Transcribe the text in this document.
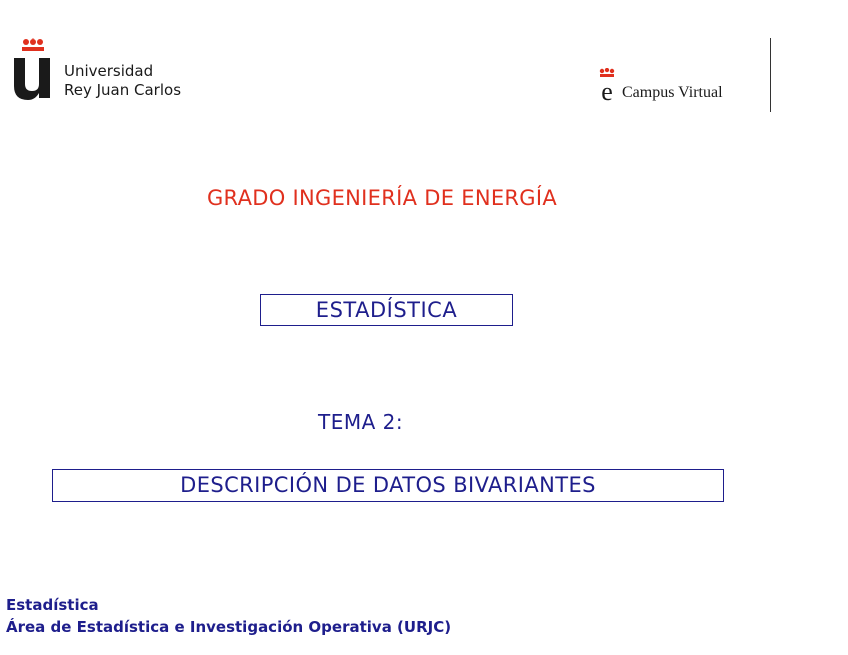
Universidad
Rey Juan Carlos	e Campus Virtual
GRADO INGENIERÍA DE ENERGÍA
ESTADÍSTICA
TEMA 2:
DESCRIPCIÓN DE DATOS BIVARIANTES
Estadística
Área de Estadística e Investigación Operativa (URJC)
